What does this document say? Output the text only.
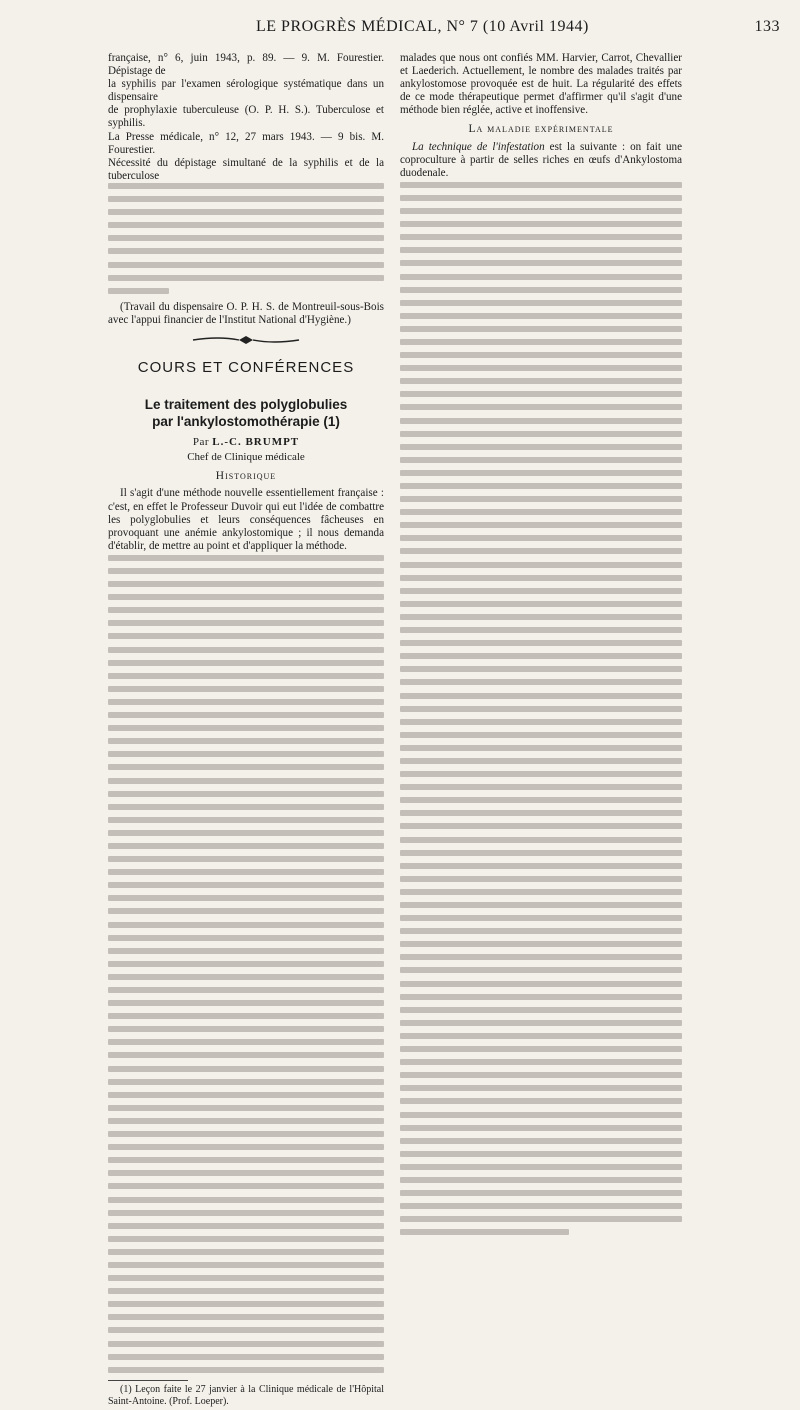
LE PROGRÈS MÉDICAL, N° 7 (10 Avril 1944)	133

française, n° 6, juin 1943, p. 89. — 9. M. Fourestier. Dépistage de

la syphilis par l'examen sérologique systématique dans un dispensaire

de prophylaxie tuberculeuse (O. P. H. S.). Tuberculose et syphilis.

La Presse médicale, n° 12, 27 mars 1943. — 9 bis. M. Fourestier.

Nécessité du dépistage simultané de la syphilis et de la tuberculose

(Travail du dispensaire O. P. H. S. de Montreuil-sous-Bois avec l'appui financier de l'Institut National d'Hygiène.)

COURS ET CONFÉRENCES
Le traitement des polyglobulies
par l'ankylostomothérapie (1)
Par L.-C. BRUMPT
Chef de Clinique médicale
Historique

Il s'agit d'une méthode nouvelle essentiellement française : c'est, en effet le Professeur Duvoir qui eut l'idée de combattre les polyglobulies et leurs conséquences fâcheuses en provoquant une anémie ankylostomique ; il nous demanda d'établir, de mettre au point et d'appliquer la méthode.

(1) Leçon faite le 27 janvier à la Clinique médicale de l'Hôpital Saint-Antoine. (Prof. Loeper).

malades que nous ont confiés MM. Harvier, Carrot, Chevallier et Laederich. Actuellement, le nombre des malades traités par ankylostomose provoquée est de huit. La régularité des effets de ce mode thérapeutique permet d'affirmer qu'il s'agit d'une méthode bien réglée, active et inoffensive.

La maladie expérimentale

La technique de l'infestation est la suivante : on fait une coproculture à partir de selles riches en œufs d'Ankylostoma duodenale.
